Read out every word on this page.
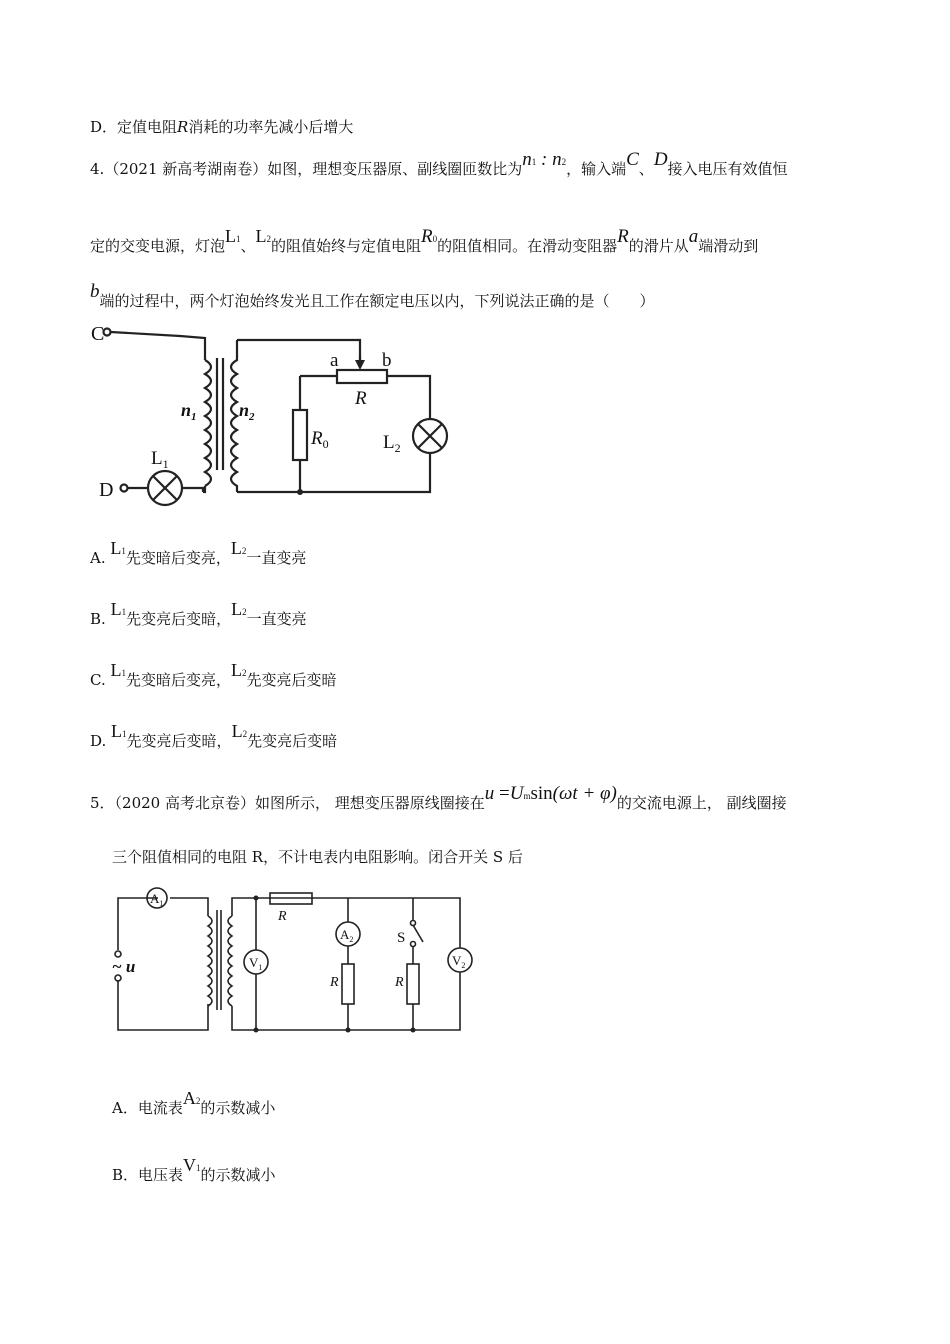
D．定值电阻R消耗的功率先减小后增大
4.（2021 新高考湖南卷）如图，理想变压器原、副线圈匝数比为n1 : n2，输入端C、D接入电压有效值恒
定的交变电源，灯泡L1、L2的阻值始终与定值电阻R0的阻值相同。在滑动变阻器R的滑片从a端滑动到
b端的过程中，两个灯泡始终发光且工作在额定电压以内，下列说法正确的是（　　）
C
D
$n_1$ $n_2$
a b
R
$R_0$	$L_2$
$L_1$
A. L1先变暗后变亮，L2一直变亮
B. L1先变亮后变暗，L2一直变亮
C. L1先变暗后变亮，L2先变亮后变暗
D. L1先变亮后变暗，L2先变亮后变暗
5．（2020 高考北京卷）如图所示， 理想变压器原线圈接在u =Umsin(ωt + φ)的交流电源上， 副线圈接
三个阻值相同的电阻 R，不计电表内电阻影响。闭合开关 S 后
$A_1$
$V_1$
$A_2$
$V_2$
~ u
R
R	R
S
A．电流表A2的示数减小
B．电压表V1的示数减小
